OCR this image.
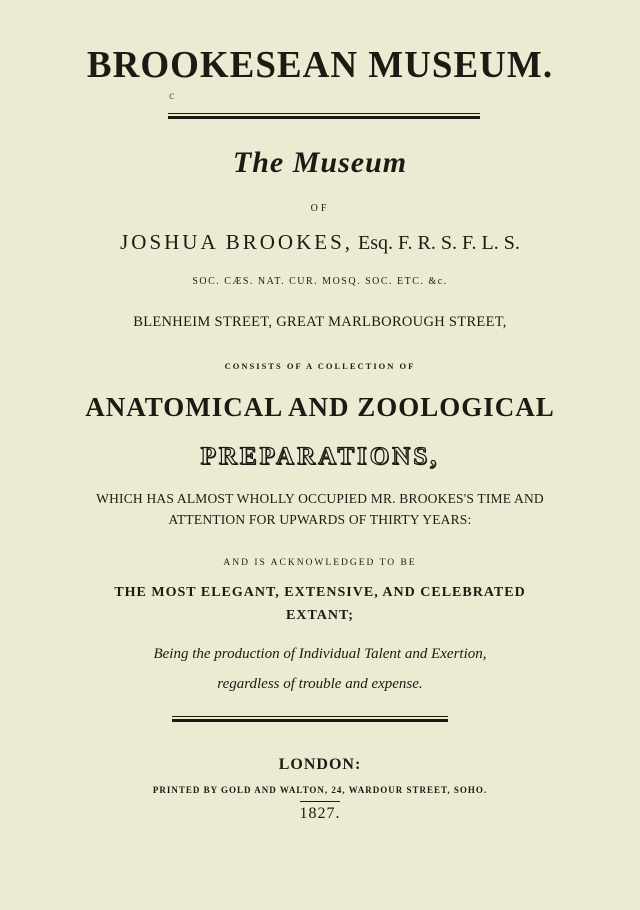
BROOKESEAN MUSEUM.
c
The Museum
OF
JOSHUA BROOKES, Esq. F. R. S. F. L. S.
SOC. CÆS. NAT. CUR. MOSQ. SOC. ETC. &c.
BLENHEIM STREET, GREAT MARLBOROUGH STREET,
CONSISTS OF A COLLECTION OF
ANATOMICAL AND ZOOLOGICAL
PREPARATIONS,
WHICH HAS ALMOST WHOLLY OCCUPIED MR. BROOKES'S TIME AND
ATTENTION FOR UPWARDS OF THIRTY YEARS:
AND IS ACKNOWLEDGED TO BE
THE MOST ELEGANT, EXTENSIVE, AND CELEBRATED
EXTANT;
Being the production of Individual Talent and Exertion,
regardless of trouble and expense.
LONDON:
PRINTED BY GOLD AND WALTON, 24, WARDOUR STREET, SOHO.
1827.
